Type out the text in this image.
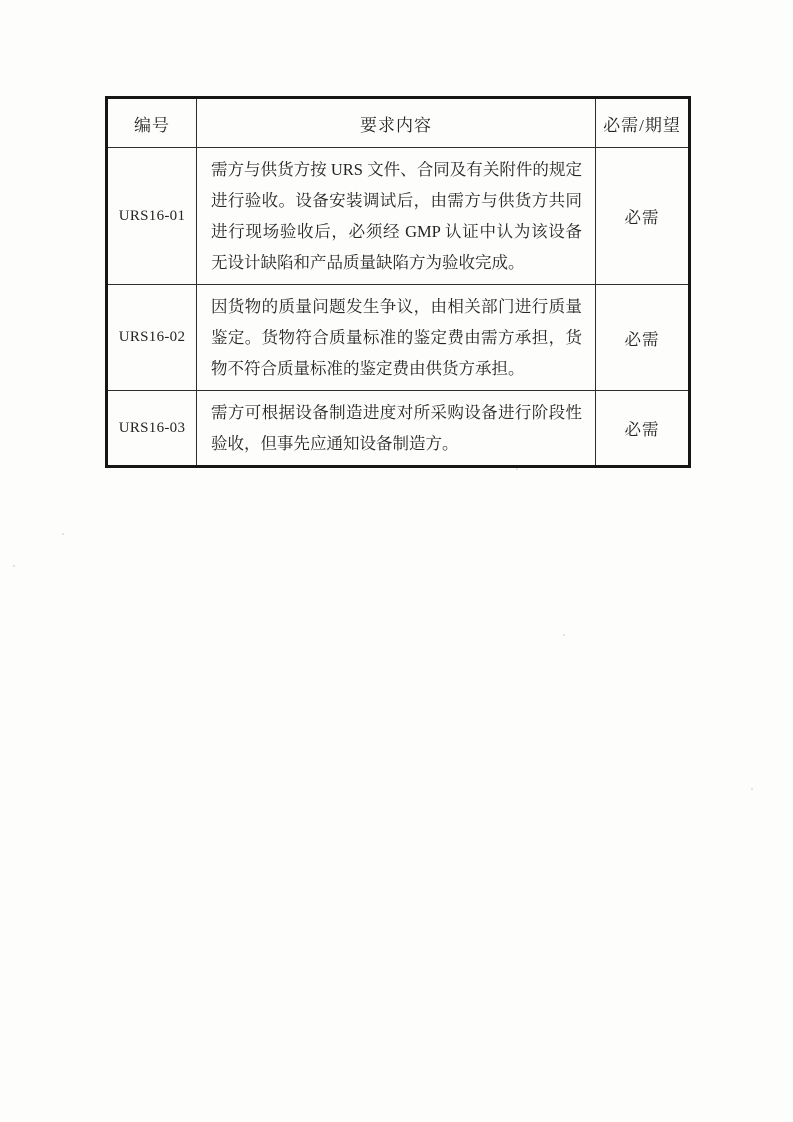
编号	要求内容	必需/期望
URS16-01	需方与供货方按 URS 文件、合同及有关附件的规定进行验收。设备安装调试后，由需方与供货方共同进行现场验收后，必须经 GMP 认证中认为该设备无设计缺陷和产品质量缺陷方为验收完成。	必需
URS16-02	因货物的质量问题发生争议，由相关部门进行质量鉴定。货物符合质量标准的鉴定费由需方承担，货物不符合质量标准的鉴定费由供货方承担。	必需
URS16-03	需方可根据设备制造进度对所采购设备进行阶段性验收，但事先应通知设备制造方。	必需
